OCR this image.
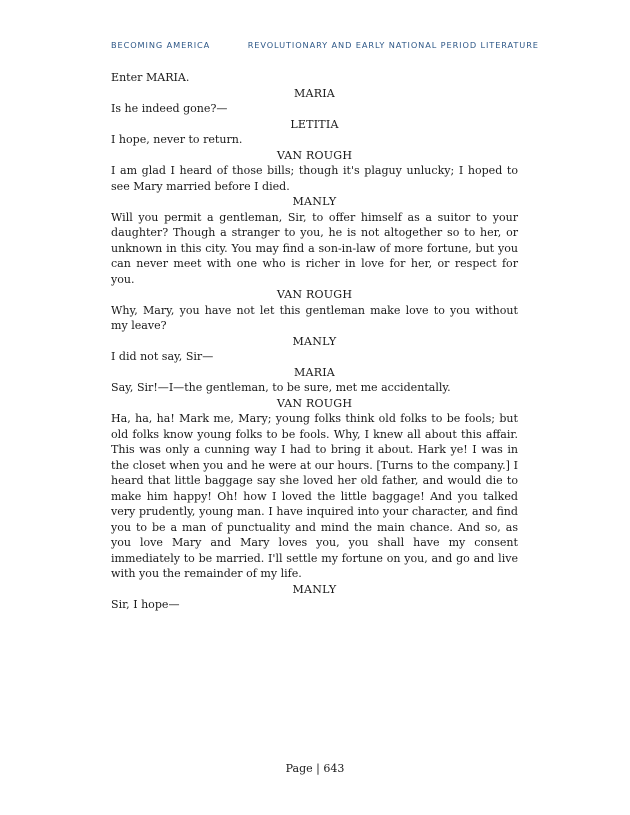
BECOMING AMERICA	REVOLUTIONARY AND EARLY NATIONAL PERIOD LITERATURE

Enter MARIA.

MARIA

Is he indeed gone?—

LETITIA

I hope, never to return.

VAN ROUGH

I am glad I heard of those bills; though it's plaguy unlucky; I hoped to see Mary married before I died.

MANLY

Will you permit a gentleman, Sir, to offer himself as a suitor to your daughter? Though a stranger to you, he is not altogether so to her, or unknown in this city. You may find a son-in-law of more fortune, but you can never meet with one who is richer in love for her, or respect for you.

VAN ROUGH

Why, Mary, you have not let this gentleman make love to you without my leave?

MANLY

I did not say, Sir—

MARIA

Say, Sir!—I—the gentleman, to be sure, met me accidentally.

VAN ROUGH

Ha, ha, ha! Mark me, Mary; young folks think old folks to be fools; but old folks know young folks to be fools. Why, I knew all about this affair. This was only a cunning way I had to bring it about. Hark ye! I was in the closet when you and he were at our hours. [Turns to the company.] I heard that little baggage say she loved her old father, and would die to make him happy! Oh! how I loved the little baggage! And you talked very prudently, young man. I have inquired into your character, and find you to be a man of punctuality and mind the main chance. And so, as you love Mary and Mary loves you, you shall have my consent immediately to be married. I'll settle my fortune on you, and go and live with you the remainder of my life.

MANLY

Sir, I hope—

Page | 643
